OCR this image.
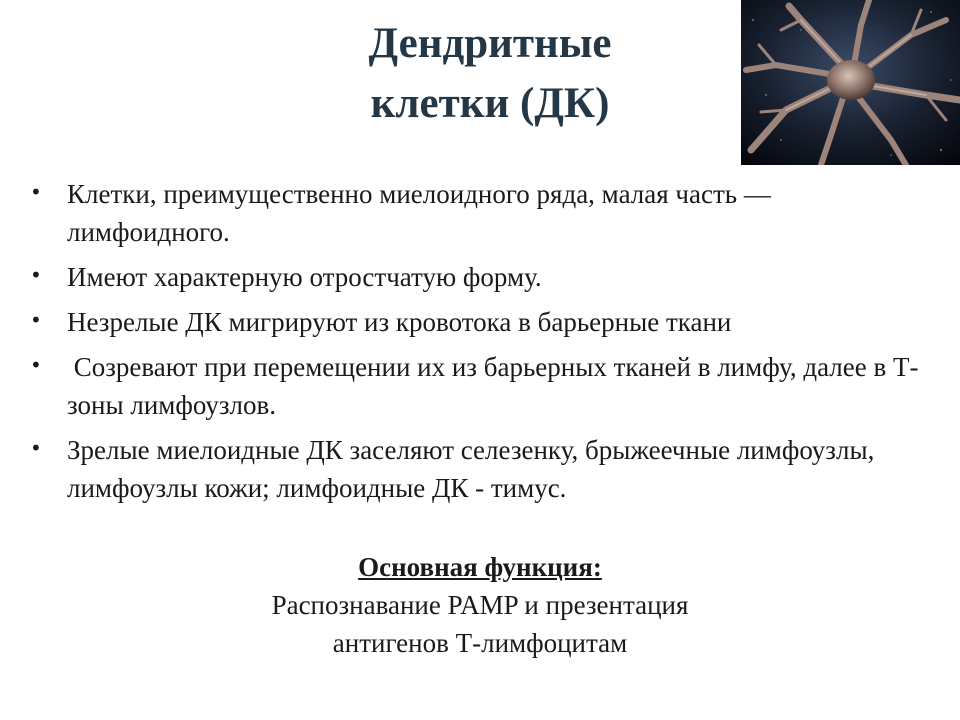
Дендритные
клетки (ДК)
• Клетки, преимущественно миелоидного ряда, малая часть — лимфоидного.
• Имеют характерную отростчатую форму.
• Незрелые ДК мигрируют из кровотока в барьерные ткани
• Созревают при перемещении их из барьерных тканей в лимфу, далее в Т-зоны лимфоузлов.
• Зрелые миелоидные ДК заселяют селезенку, брыжеечные лимфоузлы, лимфоузлы кожи; лимфоидные ДК - тимус.
Основная функция:
Распознавание PAMP и презентация
антигенов Т-лимфоцитам
